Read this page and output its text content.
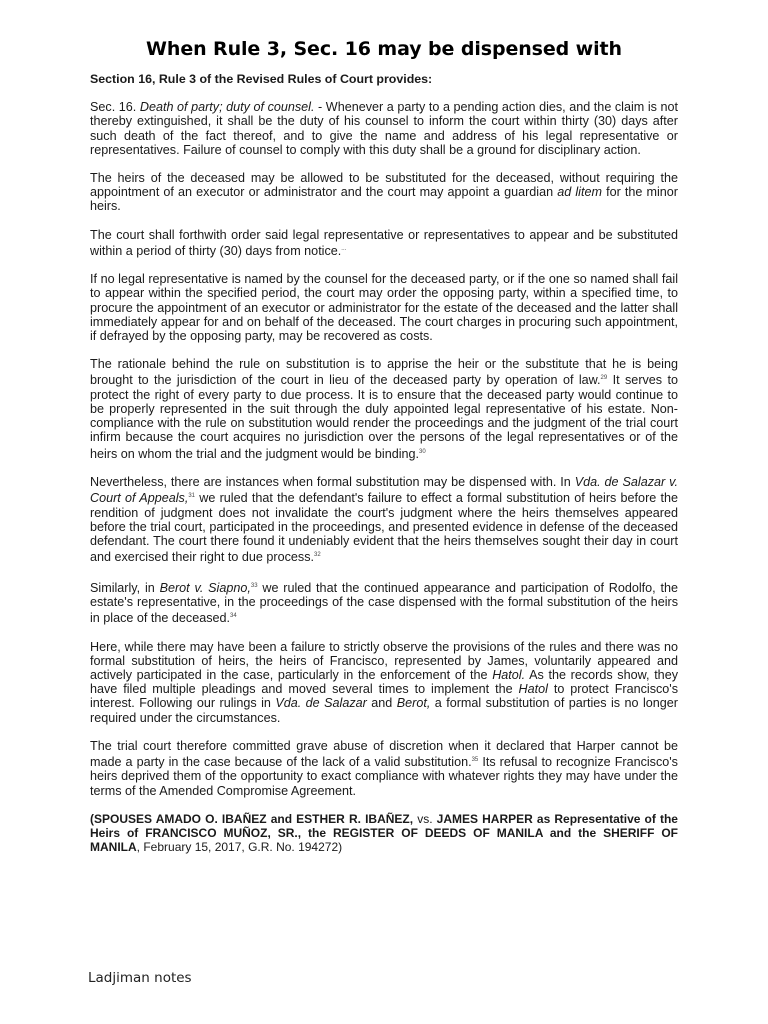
When Rule 3, Sec. 16 may be dispensed with

Section 16, Rule 3 of the Revised Rules of Court provides:

Sec. 16. Death of party; duty of counsel. - Whenever a party to a pending action dies, and the claim is not thereby extinguished, it shall be the duty of his counsel to inform the court within thirty (30) days after such death of the fact thereof, and to give the name and address of his legal representative or representatives. Failure of counsel to comply with this duty shall be a ground for disciplinary action.

The heirs of the deceased may be allowed to be substituted for the deceased, without requiring the appointment of an executor or administrator and the court may appoint a guardian ad litem for the minor heirs.

The court shall forthwith order said legal representative or representatives to appear and be substituted within a period of thirty (30) days from notice....

If no legal representative is named by the counsel for the deceased party, or if the one so named shall fail to appear within the specified period, the court may order the opposing party, within a specified time, to procure the appointment of an executor or administrator for the estate of the deceased and the latter shall immediately appear for and on behalf of the deceased. The court charges in procuring such appointment, if defrayed by the opposing party, may be recovered as costs.

The rationale behind the rule on substitution is to apprise the heir or the substitute that he is being brought to the jurisdiction of the court in lieu of the deceased party by operation of law.$^{29}$ It serves to protect the right of every party to due process. It is to ensure that the deceased party would continue to be properly represented in the suit through the duly appointed legal representative of his estate. Non-compliance with the rule on substitution would render the proceedings and the judgment of the trial court infirm because the court acquires no jurisdiction over the persons of the legal representatives or of the heirs on whom the trial and the judgment would be binding.$^{30}$

Nevertheless, there are instances when formal substitution may be dispensed with. In Vda. de Salazar v. Court of Appeals,$^{31}$ we ruled that the defendant's failure to effect a formal substitution of heirs before the rendition of judgment does not invalidate the court's judgment where the heirs themselves appeared before the trial court, participated in the proceedings, and presented evidence in defense of the deceased defendant. The court there found it undeniably evident that the heirs themselves sought their day in court and exercised their right to due process.$^{32}$

Similarly, in Berot v. Siapno,$^{33}$ we ruled that the continued appearance and participation of Rodolfo, the estate's representative, in the proceedings of the case dispensed with the formal substitution of the heirs in place of the deceased.$^{34}$

Here, while there may have been a failure to strictly observe the provisions of the rules and there was no formal substitution of heirs, the heirs of Francisco, represented by James, voluntarily appeared and actively participated in the case, particularly in the enforcement of the Hatol. As the records show, they have filed multiple pleadings and moved several times to implement the Hatol to protect Francisco's interest. Following our rulings in Vda. de Salazar and Berot, a formal substitution of parties is no longer required under the circumstances.

The trial court therefore committed grave abuse of discretion when it declared that Harper cannot be made a party in the case because of the lack of a valid substitution.$^{35}$ Its refusal to recognize Francisco's heirs deprived them of the opportunity to exact compliance with whatever rights they may have under the terms of the Amended Compromise Agreement.

(SPOUSES AMADO O. IBAÑEZ and ESTHER R. IBAÑEZ, vs. JAMES HARPER as Representative of the Heirs of FRANCISCO MUÑOZ, SR., the REGISTER OF DEEDS OF MANILA and the SHERIFF OF MANILA, February 15, 2017, G.R. No. 194272)

Ladjiman notes
